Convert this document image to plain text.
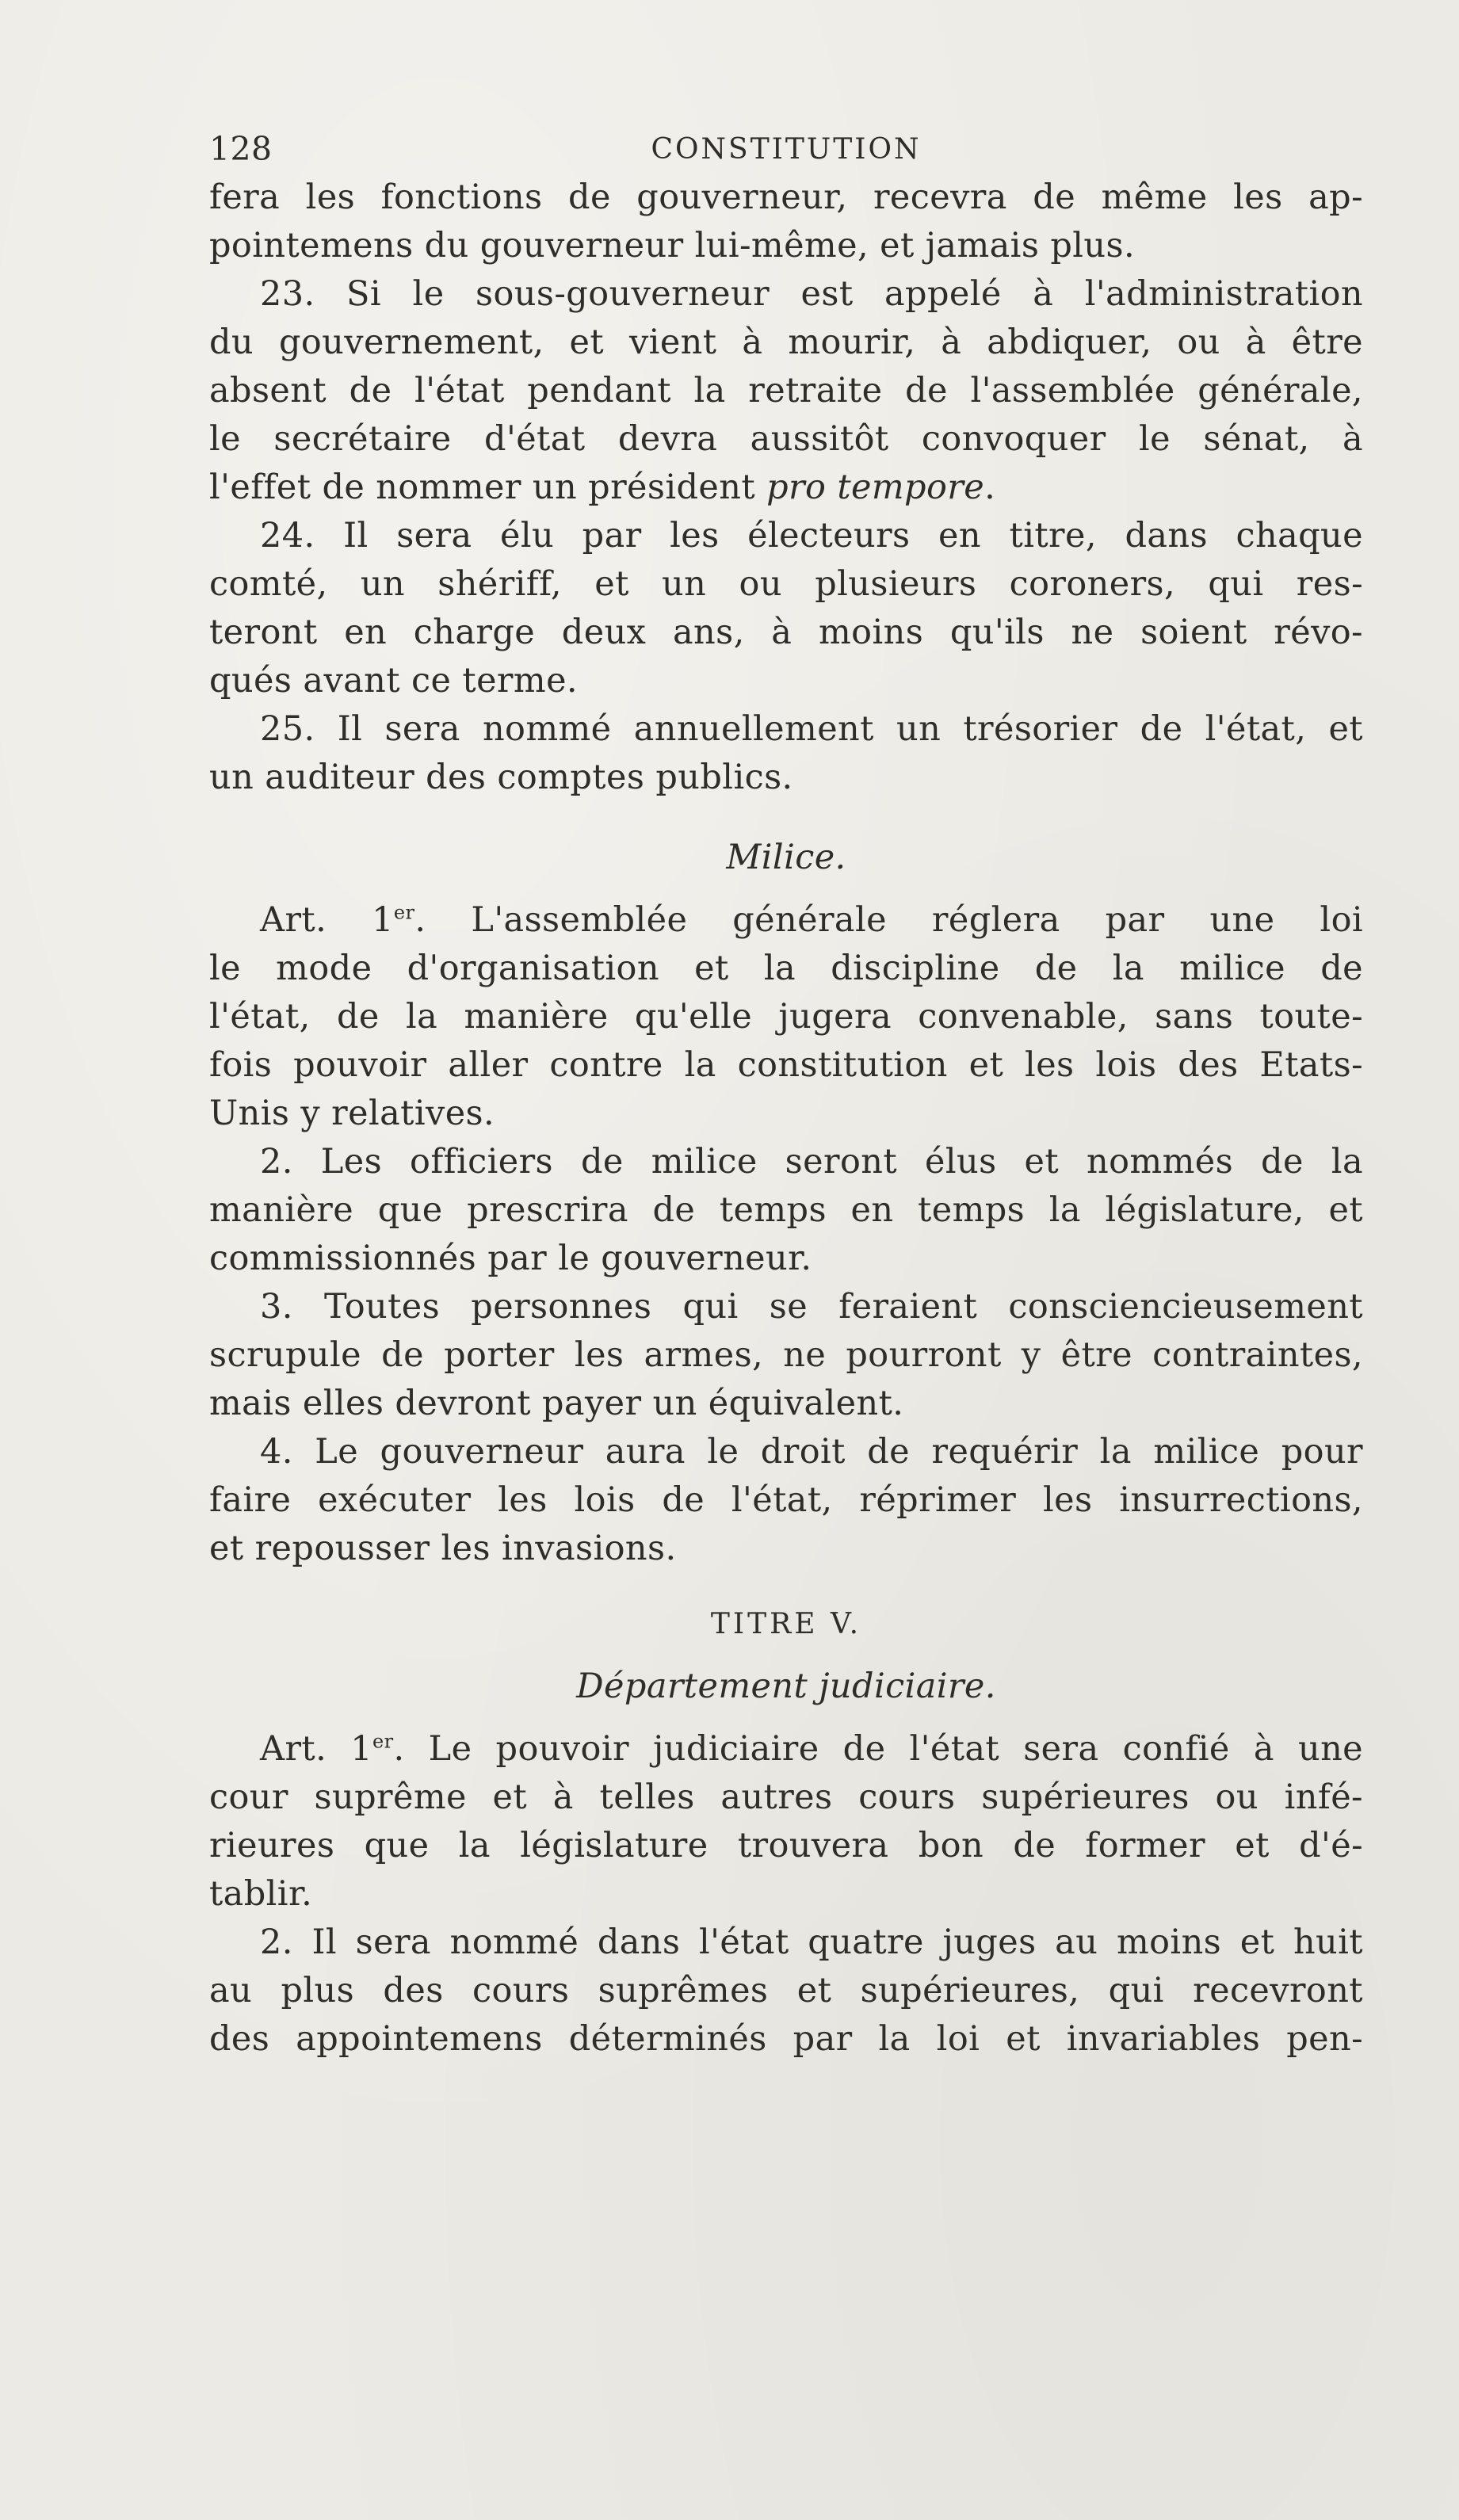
128	CONSTITUTION
fera les fonctions de gouverneur, recevra de même les ap-
pointemens du gouverneur lui-même, et jamais plus.
23. Si le sous-gouverneur est appelé à l'administration
du gouvernement, et vient à mourir, à abdiquer, ou à être
absent de l'état pendant la retraite de l'assemblée générale,
le secrétaire d'état devra aussitôt convoquer le sénat, à
l'effet de nommer un président pro tempore.
24. Il sera élu par les électeurs en titre, dans chaque
comté, un shériff, et un ou plusieurs coroners, qui res-
teront en charge deux ans, à moins qu'ils ne soient révo-
qués avant ce terme.
25. Il sera nommé annuellement un trésorier de l'état, et
un auditeur des comptes publics.
Milice.
Art. 1er. L'assemblée générale réglera par une loi
le mode d'organisation et la discipline de la milice de
l'état, de la manière qu'elle jugera convenable, sans toute-
fois pouvoir aller contre la constitution et les lois des Etats-
Unis y relatives.
2. Les officiers de milice seront élus et nommés de la
manière que prescrira de temps en temps la législature, et
commissionnés par le gouverneur.
3. Toutes personnes qui se feraient consciencieusement
scrupule de porter les armes, ne pourront y être contraintes,
mais elles devront payer un équivalent.
4. Le gouverneur aura le droit de requérir la milice pour
faire exécuter les lois de l'état, réprimer les insurrections,
et repousser les invasions.
TITRE V.
Département judiciaire.
Art. 1er. Le pouvoir judiciaire de l'état sera confié à une
cour suprême et à telles autres cours supérieures ou infé-
rieures que la législature trouvera bon de former et d'é-
tablir.
2. Il sera nommé dans l'état quatre juges au moins et huit
au plus des cours suprêmes et supérieures, qui recevront
des appointemens déterminés par la loi et invariables pen-
